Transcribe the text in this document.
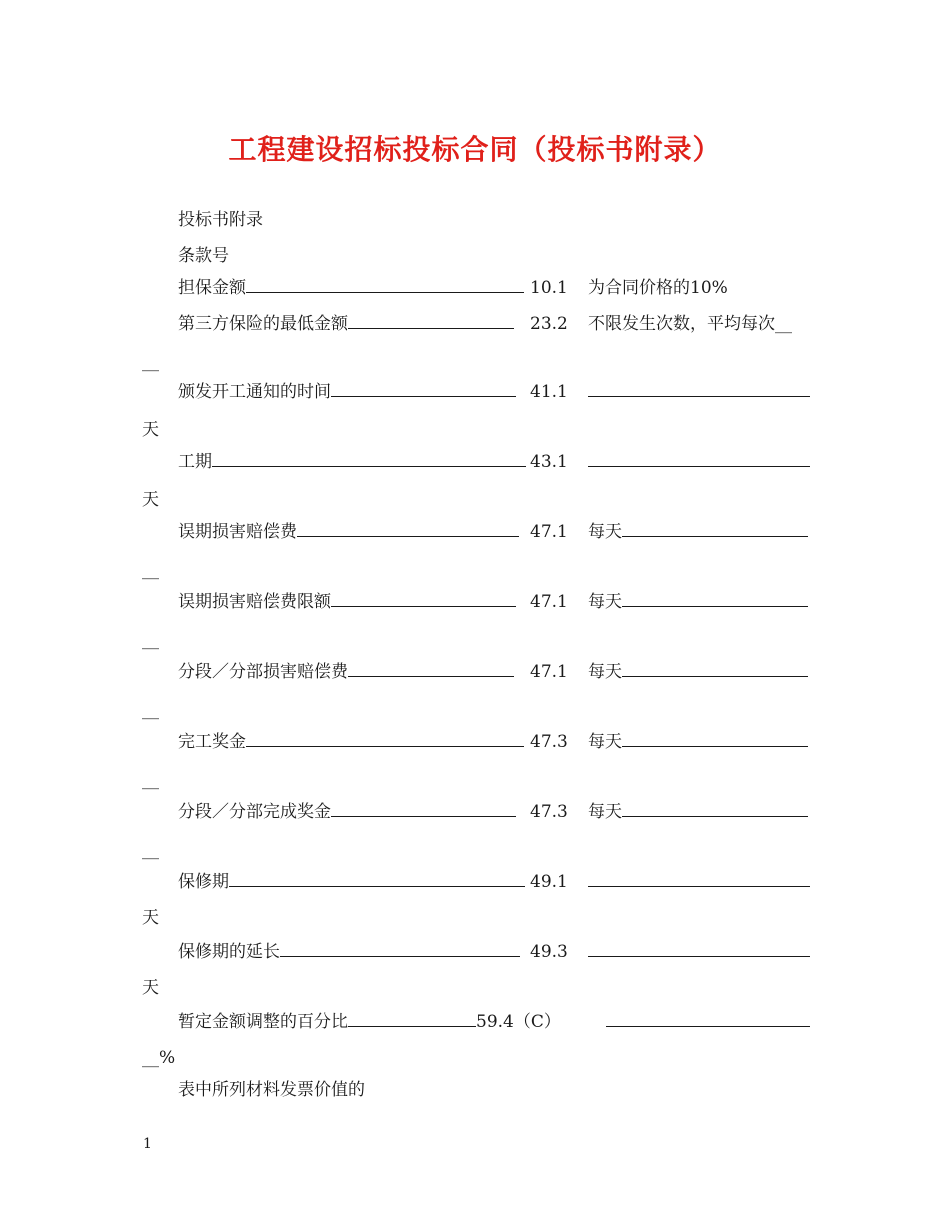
工程建设招标投标合同（投标书附录）
投标书附录
条款号
担保金额	10.1 为合同价格的10%
第三方保险的最低金额	23.2 不限发生次数，平均每次__
__
颁发开工通知的时间	41.1
天
工期	43.1
天
误期损害赔偿费	47.1 每天
__
误期损害赔偿费限额	47.1 每天
__
分段／分部损害赔偿费	47.1 每天
__
完工奖金	47.3 每天
__
分段／分部完成奖金	47.3 每天
__
保修期	49.1
天
保修期的延长	49.3
天
暂定金额调整的百分比	59.4（C）
__%
表中所列材料发票价值的
1
